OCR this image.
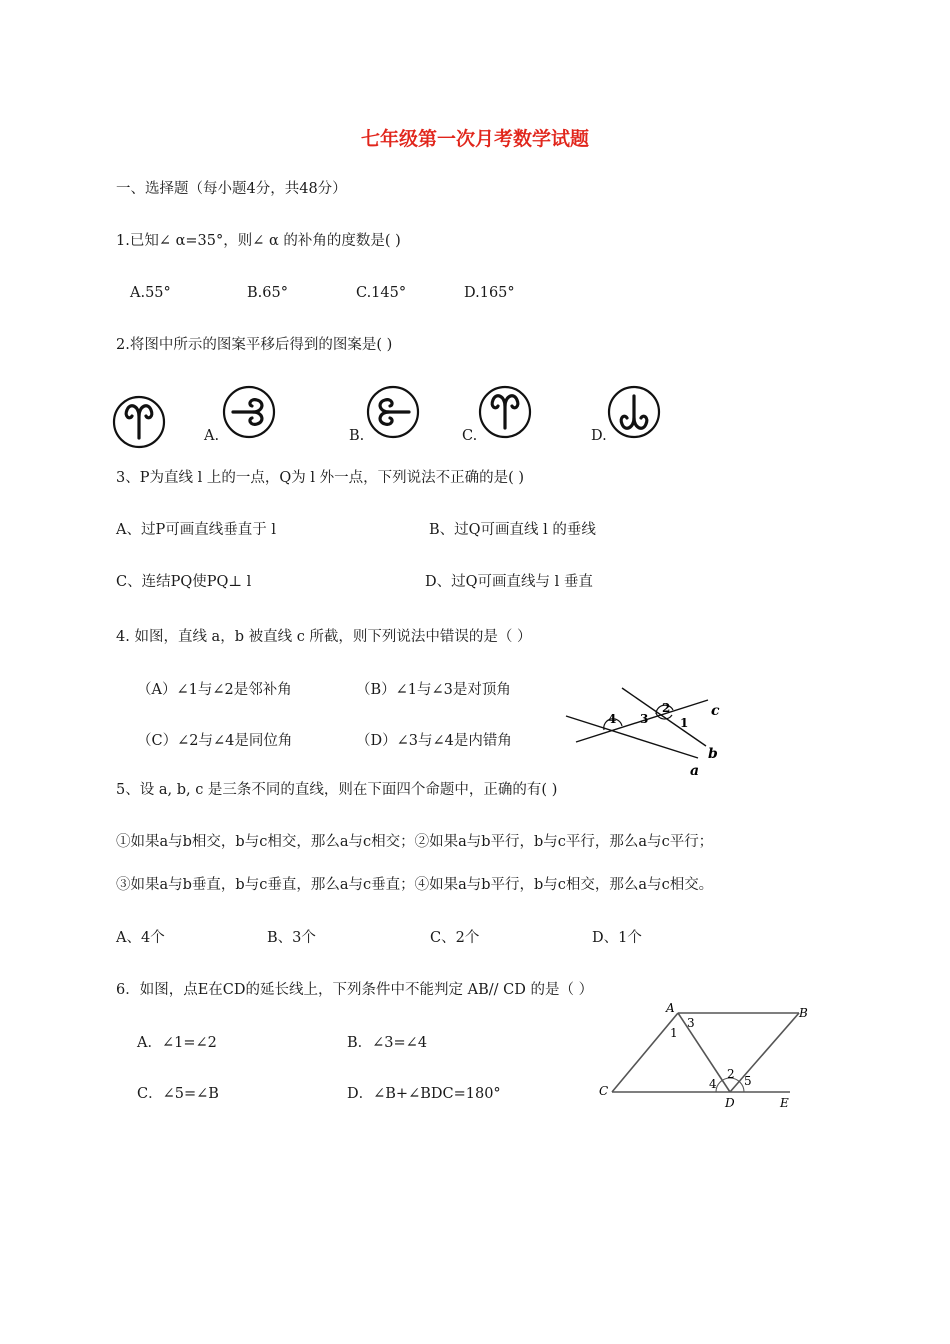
七年级第一次月考数学试题
一、选择题（每小题4分，共48分）
1.已知∠ α=35°，则∠ α 的补角的度数是( )
A.55°	B.65°	C.145°	D.165°
2.将图中所示的图案平移后得到的图案是( )
A.	B.	C.	D.
3、P为直线 l 上的一点，Q为 l 外一点，下列说法不正确的是( )
A、过P可画直线垂直于 l	B、过Q可画直线 l 的垂线
C、连结PQ使PQ⊥ l	D、过Q可画直线与 l 垂直
4. 如图，直线 a，b 被直线 c 所截，则下列说法中错误的是（ ）
（A）∠1与∠2是邻补角	（B）∠1与∠3是对顶角
（C）∠2与∠4是同位角	（D）∠3与∠4是内错角
4 3
2
1
c
b
a
5、设 a, b, c 是三条不同的直线，则在下面四个命题中，正确的有( )
①如果a与b相交，b与c相交，那么a与c相交；②如果a与b平行，b与c平行，那么a与c平行；
③如果a与b垂直，b与c垂直，那么a与c垂直；④如果a与b平行，b与c相交，那么a与c相交。
A、4个	B、3个	C、2个	D、1个
6．如图，点E在CD的延长线上，下列条件中不能判定 AB// CD 的是（ ）
A．∠1=∠2	B．∠3=∠4
C．∠5=∠B	D．∠B+∠BDC=180°
A	B
C
D	E
1
2
3
4 5
